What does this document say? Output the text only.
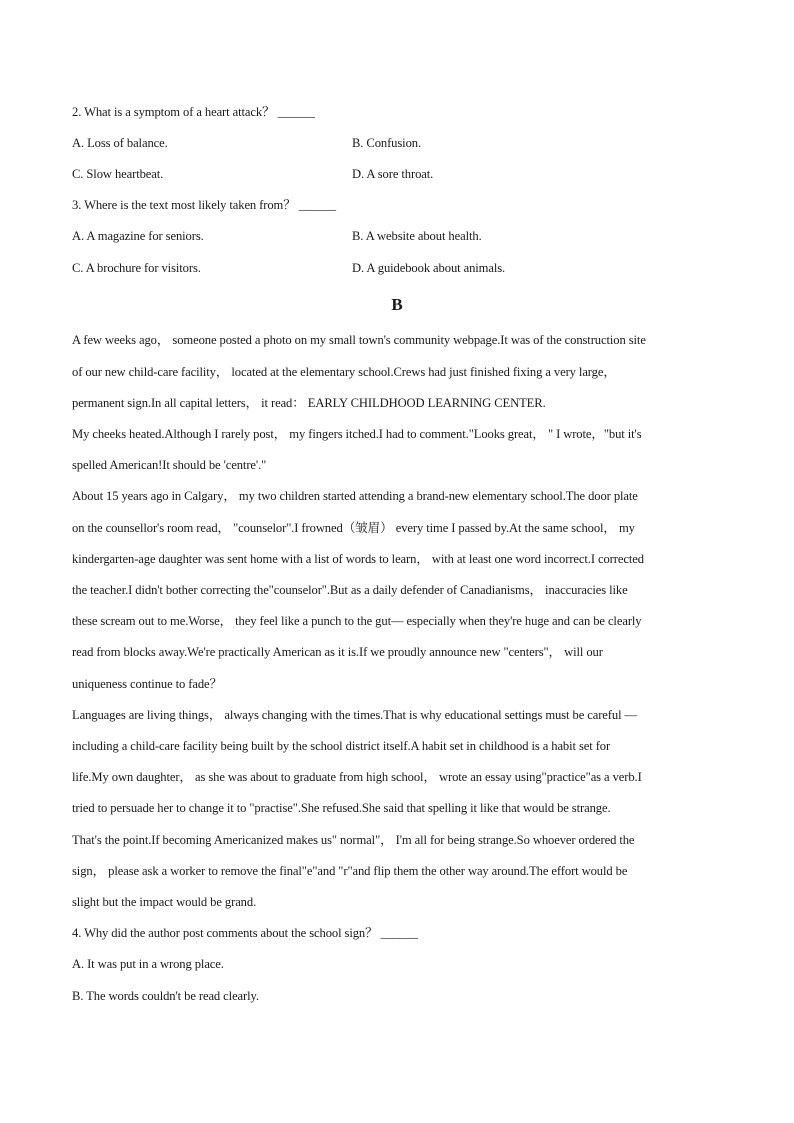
2. What is a symptom of a heart attack？ ______
A. Loss of balance.	B. Confusion.
C. Slow heartbeat.	D. A sore throat.
3. Where is the text most likely taken from？ ______
A. A magazine for seniors.	B. A website about health.
C. A brochure for visitors.	D. A guidebook about animals.
B
A few weeks ago， someone posted a photo on my small town's community webpage.It was of the construction site
of our new child-care facility， located at the elementary school.Crews had just finished fixing a very large，
permanent sign.In all capital letters， it read： EARLY CHILDHOOD LEARNING CENTER.
My cheeks heated.Although I rarely post， my fingers itched.I had to comment."Looks great， " I wrote，"but it's
spelled American!It should be 'centre'."
About 15 years ago in Calgary， my two children started attending a brand-new elementary school.The door plate
on the counsellor's room read， "counselor".I frowned（皱眉） every time I passed by.At the same school， my
kindergarten-age daughter was sent home with a list of words to learn， with at least one word incorrect.I corrected
the teacher.I didn't bother correcting the"counselor".But as a daily defender of Canadianisms， inaccuracies like
these scream out to me.Worse， they feel like a punch to the gut— especially when they're huge and can be clearly
read from blocks away.We're practically American as it is.If we proudly announce new "centers"， will our
uniqueness continue to fade？
Languages are living things， always changing with the times.That is why educational settings must be careful —
including a child-care facility being built by the school district itself.A habit set in childhood is a habit set for
life.My own daughter， as she was about to graduate from high school， wrote an essay using"practice"as a verb.I
tried to persuade her to change it to "practise".She refused.She said that spelling it like that would be strange.
That's the point.If becoming Americanized makes us" normal"， I'm all for being strange.So whoever ordered the
sign， please ask a worker to remove the final"e"and "r"and flip them the other way around.The effort would be
slight but the impact would be grand.
4. Why did the author post comments about the school sign？ ______
A. It was put in a wrong place.
B. The words couldn't be read clearly.
